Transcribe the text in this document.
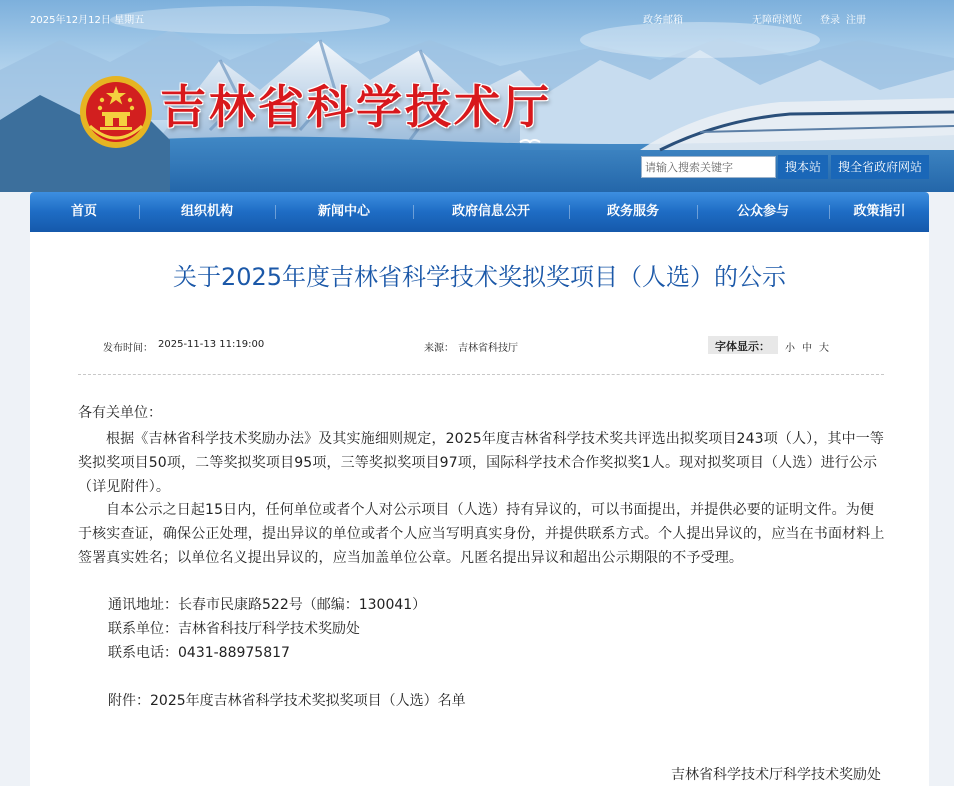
2025年12月12日 星期五	政务邮箱	无障碍浏览 登录 注册
吉林省科学技术厅
请输入搜索关键字
搜本站	搜全省政府网站
首页	组织机构	新闻中心	政府信息公开	政务服务	公众参与	政策指引
关于2025年度吉林省科学技术奖拟奖项目（人选）的公示
发布时间： 2025-11-13 11:19:00	来源： 吉林省科技厅	字体显示： 小 中 大
各有关单位：
根据《吉林省科学技术奖励办法》及其实施细则规定，2025年度吉林省科学技术奖共评选出拟奖项目243项（人），其中一等奖拟奖项目50项，二等奖拟奖项目95项，三等奖拟奖项目97项，国际科学技术合作奖拟奖1人。现对拟奖项目（人选）进行公示（详见附件）。
自本公示之日起15日内，任何单位或者个人对公示项目（人选）持有异议的，可以书面提出，并提供必要的证明文件。为便于核实查证，确保公正处理，提出异议的单位或者个人应当写明真实身份，并提供联系方式。个人提出异议的，应当在书面材料上签署真实姓名；以单位名义提出异议的，应当加盖单位公章。凡匿名提出异议和超出公示期限的不予受理。
通讯地址：长春市民康路522号（邮编：130041）
联系单位：吉林省科技厅科学技术奖励处
联系电话：0431-88975817
附件：2025年度吉林省科学技术奖拟奖项目（人选）名单
吉林省科学技术厅科学技术奖励处
